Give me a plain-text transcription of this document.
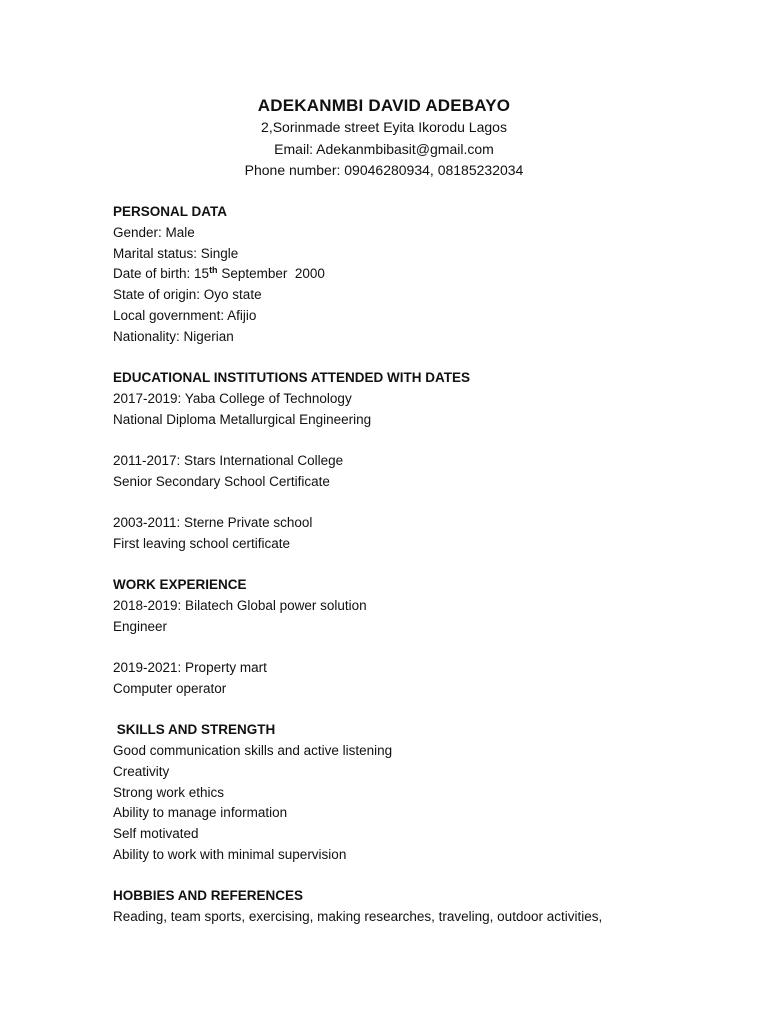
ADEKANMBI DAVID ADEBAYO
2,Sorinmade street Eyita Ikorodu Lagos
Email: Adekanmbibasit@gmail.com
Phone number: 09046280934, 08185232034
PERSONAL DATA
Gender: Male
Marital status: Single
Date of birth: 15th September  2000
State of origin: Oyo state
Local government: Afijio
Nationality: Nigerian
EDUCATIONAL INSTITUTIONS ATTENDED WITH DATES
2017-2019: Yaba College of Technology
National Diploma Metallurgical Engineering
2011-2017: Stars International College
Senior Secondary School Certificate
2003-2011: Sterne Private school
First leaving school certificate
WORK EXPERIENCE
2018-2019: Bilatech Global power solution
Engineer
2019-2021: Property mart
Computer operator
SKILLS AND STRENGTH
Good communication skills and active listening
Creativity
Strong work ethics
Ability to manage information
Self motivated
Ability to work with minimal supervision
HOBBIES AND REFERENCES
Reading, team sports, exercising, making researches, traveling, outdoor activities,
